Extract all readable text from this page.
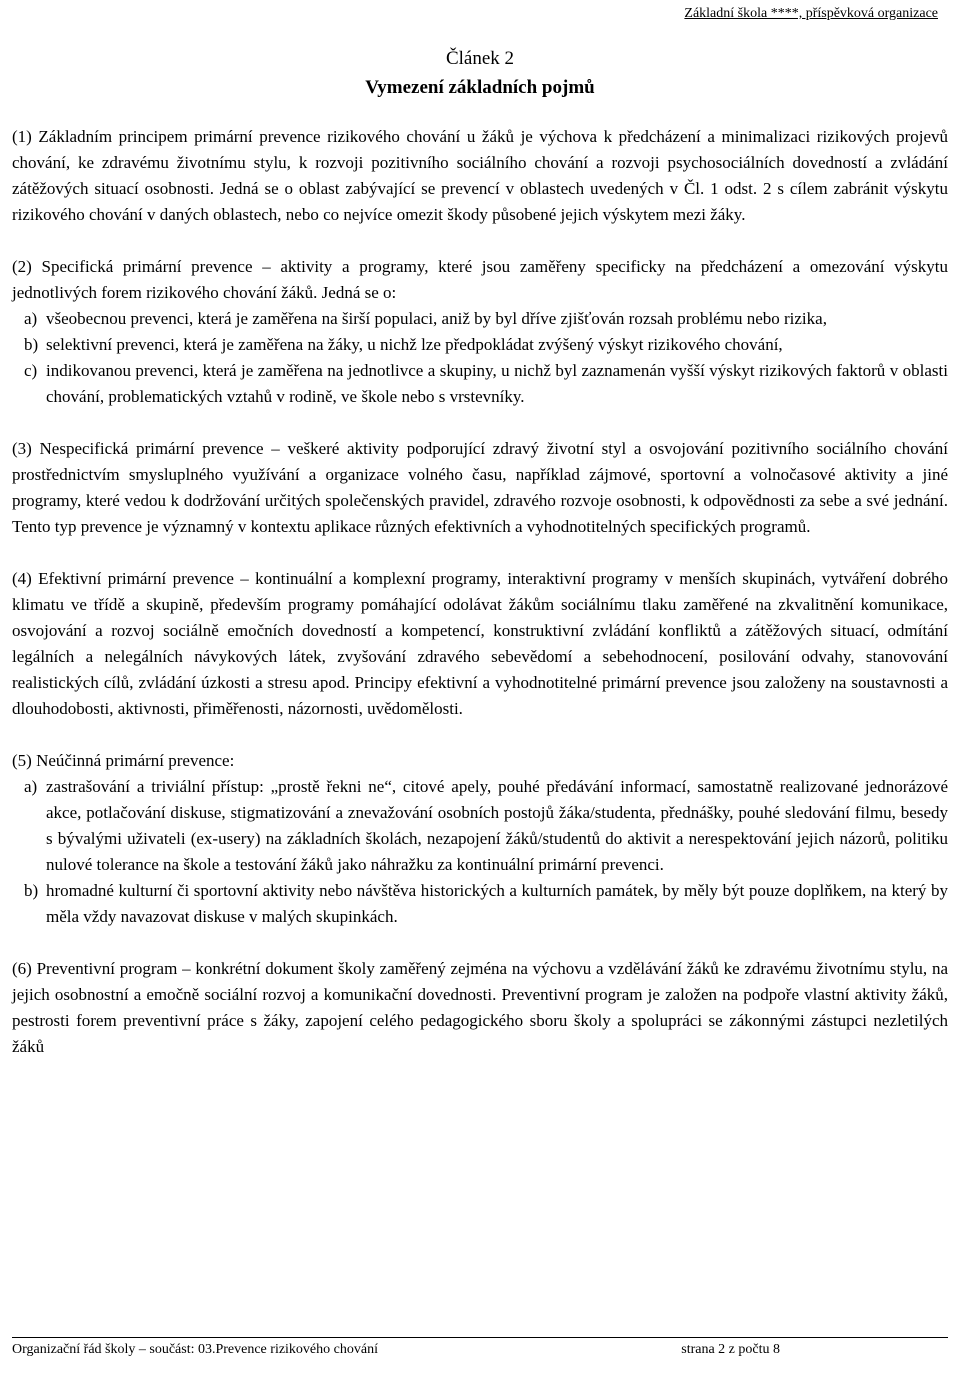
Základní škola ****, příspěvková organizace
Článek 2
Vymezení základních pojmů

(1) Základním principem primární prevence rizikového chování u žáků je výchova k předcházení a minimalizaci rizikových projevů chování, ke zdravému životnímu stylu, k rozvoji pozitivního sociálního chování a rozvoji psychosociálních dovedností a zvládání zátěžových situací osobnosti. Jedná se o oblast zabývající se prevencí v oblastech uvedených v Čl. 1 odst. 2 s cílem zabránit výskytu rizikového chování v daných oblastech, nebo co nejvíce omezit škody působené jejich výskytem mezi žáky.

(2) Specifická primární prevence – aktivity a programy, které jsou zaměřeny specificky na předcházení a omezování výskytu jednotlivých forem rizikového chování žáků. Jedná se o:

a) všeobecnou prevenci, která je zaměřena na širší populaci, aniž by byl dříve zjišťován rozsah problému nebo rizika,
b) selektivní prevenci, která je zaměřena na žáky, u nichž lze předpokládat zvýšený výskyt rizikového chování,
c) indikovanou prevenci, která je zaměřena na jednotlivce a skupiny, u nichž byl zaznamenán vyšší výskyt rizikových faktorů v oblasti chování, problematických vztahů v rodině, ve škole nebo s vrstevníky.

(3) Nespecifická primární prevence – veškeré aktivity podporující zdravý životní styl a osvojování pozitivního sociálního chování prostřednictvím smysluplného využívání a organizace volného času, například zájmové, sportovní a volnočasové aktivity a jiné programy, které vedou k dodržování určitých společenských pravidel, zdravého rozvoje osobnosti, k odpovědnosti za sebe a své jednání. Tento typ prevence je významný v kontextu aplikace různých efektivních a vyhodnotitelných specifických programů.

(4) Efektivní primární prevence – kontinuální a komplexní programy, interaktivní programy v menších skupinách, vytváření dobrého klimatu ve třídě a skupině, především programy pomáhající odolávat žákům sociálnímu tlaku zaměřené na zkvalitnění komunikace, osvojování a rozvoj sociálně emočních dovedností a kompetencí, konstruktivní zvládání konfliktů a zátěžových situací, odmítání legálních a nelegálních návykových látek, zvyšování zdravého sebevědomí a sebehodnocení, posilování odvahy, stanovování realistických cílů, zvládání úzkosti a stresu apod. Principy efektivní a vyhodnotitelné primární prevence jsou založeny na soustavnosti a dlouhodobosti, aktivnosti, přiměřenosti, názornosti, uvědomělosti.

(5) Neúčinná primární prevence:

a) zastrašování a triviální přístup: „prostě řekni ne“, citové apely, pouhé předávání informací, samostatně realizované jednorázové akce, potlačování diskuse, stigmatizování a znevažování osobních postojů žáka/studenta, přednášky, pouhé sledování filmu, besedy s bývalými uživateli (ex-usery) na základních školách, nezapojení žáků/studentů do aktivit a nerespektování jejich názorů, politiku nulové tolerance na škole a testování žáků jako náhražku za kontinuální primární prevenci.
b) hromadné kulturní či sportovní aktivity nebo návštěva historických a kulturních památek, by měly být pouze doplňkem, na který by měla vždy navazovat diskuse v malých skupinkách.

(6) Preventivní program – konkrétní dokument školy zaměřený zejména na výchovu a vzdělávání žáků ke zdravému životnímu stylu, na jejich osobnostní a emočně sociální rozvoj a komunikační dovednosti. Preventivní program je založen na podpoře vlastní aktivity žáků, pestrosti forem preventivní práce s žáky, zapojení celého pedagogického sboru školy a spolupráci se zákonnými zástupci nezletilých žáků

Organizační řád školy – součást: 03.Prevence rizikového chování	strana 2 z počtu 8
